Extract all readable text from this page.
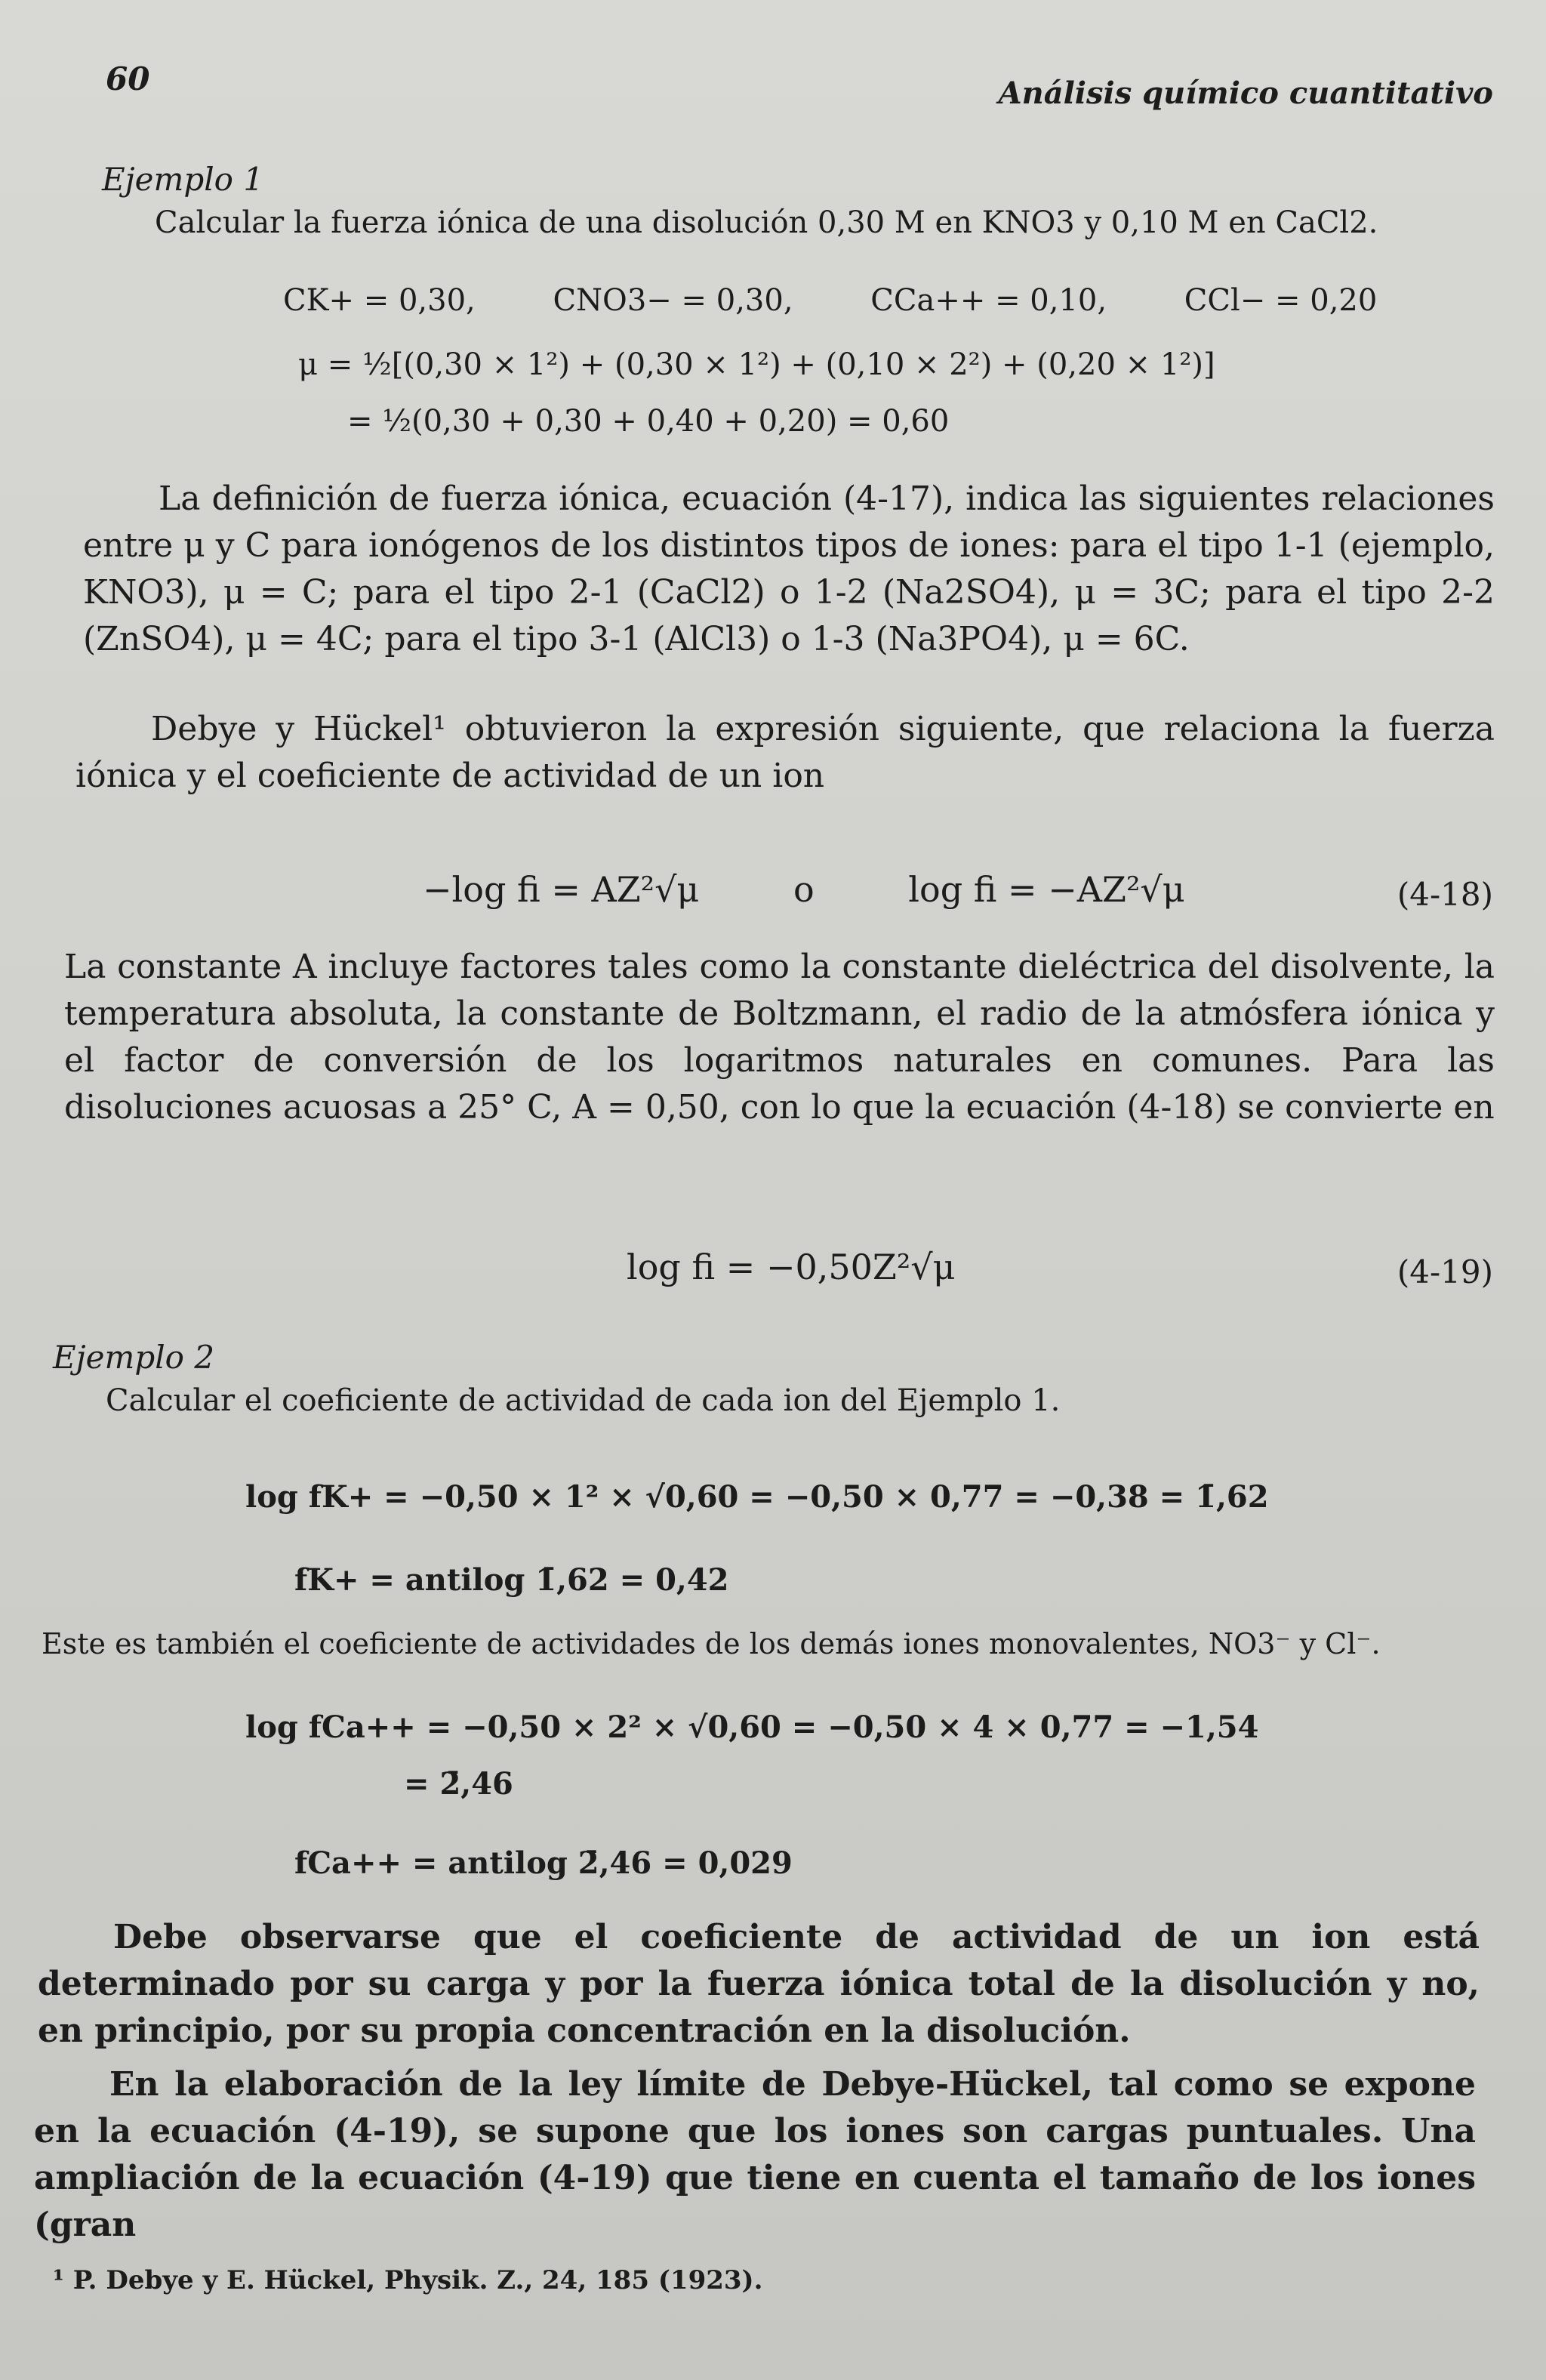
60	Análisis químico cuantitativo

Ejemplo 1

Calcular la fuerza iónica de una disolución 0,30 M en KNO3 y 0,10 M en CaCl2.

CK+ = 0,30,	CNO3− = 0,30,	CCa++ = 0,10,	CCl− = 0,20
μ = ½[(0,30 × 1²) + (0,30 × 1²) + (0,10 × 2²) + (0,20 × 1²)]
= ½(0,30 + 0,30 + 0,40 + 0,20) = 0,60

La definición de fuerza iónica, ecuación (4-17), indica las siguientes relaciones entre μ y C para ionógenos de los distintos tipos de iones: para el tipo 1-1 (ejemplo, KNO3), μ = C; para el tipo 2-1 (CaCl2) o 1-2 (Na2SO4), μ = 3C; para el tipo 2-2 (ZnSO4), μ = 4C; para el tipo 3-1 (AlCl3) o 1-3 (Na3PO4), μ = 6C.

Debye y Hückel¹ obtuvieron la expresión siguiente, que relaciona la fuerza iónica y el coeficiente de actividad de un ion

−log fi = AZ²√μ	o	log fi = −AZ²√μ	(4-18)

La constante A incluye factores tales como la constante dieléctrica del disolvente, la temperatura absoluta, la constante de Boltzmann, el radio de la atmósfera iónica y el factor de conversión de los logaritmos naturales en comunes. Para las disoluciones acuosas a 25° C, A = 0,50, con lo que la ecuación (4-18) se convierte en

log fi = −0,50Z²√μ	(4-19)

Ejemplo 2

Calcular el coeficiente de actividad de cada ion del Ejemplo 1.

log fK+ = −0,50 × 1² × √0,60 = −0,50 × 0,77 = −0,38 = 1̄,62
fK+ = antilog 1̄,62 = 0,42

Este es también el coeficiente de actividades de los demás iones monovalentes, NO3⁻ y Cl⁻.

log fCa++ = −0,50 × 2² × √0,60 = −0,50 × 4 × 0,77 = −1,54
= 2̄,46
fCa++ = antilog 2̄,46 = 0,029

Debe observarse que el coeficiente de actividad de un ion está determinado por su carga y por la fuerza iónica total de la disolución y no, en principio, por su propia concentración en la disolución.

En la elaboración de la ley límite de Debye-Hückel, tal como se expone en la ecuación (4-19), se supone que los iones son cargas puntuales. Una ampliación de la ecuación (4-19) que tiene en cuenta el tamaño de los iones (gran

¹ P. Debye y E. Hückel, Physik. Z., 24, 185 (1923).
